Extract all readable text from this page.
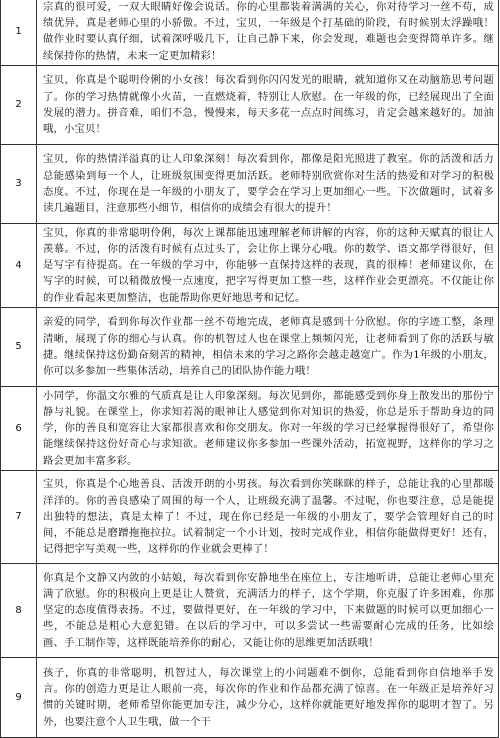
1	宗真的很可爱，一双大眼睛好像会说话。你的心里都装着满满的关心，你对待学习一丝不苟，成绩优异，真是老师心里的小骄傲。不过，宝贝，一年级是个打基础的阶段，有时候别太浮躁哦！做作业时要认真仔细，试着深呼吸几下，让自己静下来，你会发现，难题也会变得简单许多。继续保持你的热情，未来一定更加精彩！
2	宝贝，你真是个聪明伶俐的小女孩！每次看到你闪闪发光的眼睛，就知道你又在动脑筋思考问题了。你的学习热情就像小火苗，一直燃烧着，特别让人欣慰。在一年级的你，已经展现出了全面发展的潜力。拼音难，咱们不急，慢慢来，每天多花一点点时间练习，肯定会越来越好的。加油哦，小宝贝！
3	宝贝，你的热情洋溢真的让人印象深刻！每次看到你，都像是阳光照进了教室。你的活泼和活力总能感染到每一个人，让班级氛围变得更加活跃。老师特别欣赏你对生活的热爱和对学习的积极态度。不过，你现在是一年级的小朋友了，要学会在学习上更加细心一些。下次做题时，试着多读几遍题目，注意那些小细节，相信你的成绩会有很大的提升！
4	宝贝，你真的非常聪明伶俐，每次上课都能迅速理解老师讲解的内容，你的这种天赋真的很让人羡慕。不过，你的活泼有时候有点过头了，会让你上课分心哦。你的数学、语文都学得很好，但是写字有待提高。在一年级的学习中，你能够一直保持这样的表现，真的很棒！老师建议你，在写字的时候，可以稍微放慢一点速度，把字写得更加工整一些，这样作业会更漂亮。不仅能让你的作业看起来更加整洁，也能帮助你更好地思考和记忆。
5	亲爱的同学，看到你每次作业都一丝不苟地完成，老师真是感到十分欣慰。你的字迹工整，条理清晰，展现了你的细心与认真。你的机智过人也在课堂上频频闪光，让老师看到了你的活跃与敏捷。继续保持这份勤奋刻苦的精神，相信未来的学习之路你会越走越宽广。作为1年级的小朋友，你可以多参加一些集体活动，培养自己的团队协作能力哦！
6	小同学，你温文尔雅的气质真是让人印象深刻。每次见到你，都能感受到你身上散发出的那份宁静与礼貌。在课堂上，你求知若渴的眼神让人感觉到你对知识的热爱，你总是乐于帮助身边的同学，你的善良和宽容让大家都很喜欢和你交朋友。你对一年级的学习已经掌握得很好了，希望你能继续保持这份好奇心与求知欲。老师建议你多参加一些课外活动，拓宽视野，这样你的学习之路会更加丰富多彩。
7	宝贝，你真是个心地善良、活泼开朗的小男孩。每次看到你笑眯眯的样子，总能让我的心里都暖洋洋的。你的善良感染了周围的每一个人，让班级充满了温馨。不过呢，你也要注意，总是能提出独特的想法，真是太棒了！不过，现在你已经是一年级的小朋友了，要学会管理好自己的时间，不能总是磨蹭拖拖拉拉。试着制定一个小计划，按时完成作业，相信你能做得更好！还有，记得把字写美观一些，这样你的作业就会更棒了！
8	你真是个文静又内敛的小姑娘，每次看到你安静地坐在座位上，专注地听讲，总能让老师心里充满了欣慰。你的积极向上更是让人赞赏，充满活力的样子，这个学期，你克服了许多困难，你那坚定的态度值得表扬。不过，要做得更好，在一年级的学习中，下来做题的时候可以更加细心一些，不能总是粗心大意犯错。在以后的学习中，可以多尝试一些需要耐心完成的任务，比如绘画、手工制作等，这样既能培养你的耐心，又能让你的思维更加活跃哦！
9	孩子，你真的非常聪明，机智过人，每次课堂上的小问题难不倒你，总能看到你自信地举手发言。你的创造力更是让人眼前一亮，每次你的作业和作品都充满了惊喜。在一年级正是培养好习惯的关键时期，老师希望你能更加专注，减少分心，这样你就能更好地发挥你的聪明才智了。另外，也要注意个人卫生哦，做一个干
